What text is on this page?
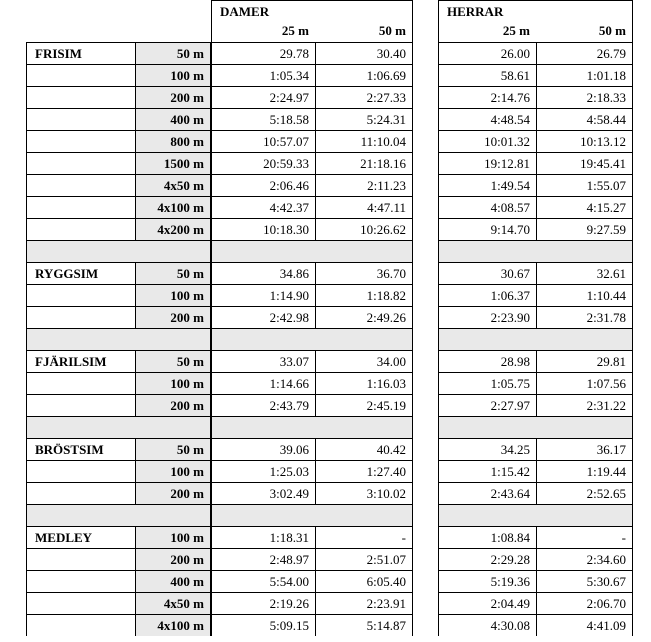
DAMER	HERRAR
25 m	50 m	25 m	50 m
FRISIM	50 m	29.78	30.40	26.00	26.79
100 m	1:05.34	1:06.69	58.61	1:01.18
200 m	2:24.97	2:27.33	2:14.76	2:18.33
400 m	5:18.58	5:24.31	4:48.54	4:58.44
800 m	10:57.07	11:10.04	10:01.32	10:13.12
1500 m	20:59.33	21:18.16	19:12.81	19:45.41
4x50 m	2:06.46	2:11.23	1:49.54	1:55.07
4x100 m	4:42.37	4:47.11	4:08.57	4:15.27
4x200 m	10:18.30	10:26.62	9:14.70	9:27.59
RYGGSIM	50 m	34.86	36.70	30.67	32.61
100 m	1:14.90	1:18.82	1:06.37	1:10.44
200 m	2:42.98	2:49.26	2:23.90	2:31.78
FJÄRILSIM	50 m	33.07	34.00	28.98	29.81
100 m	1:14.66	1:16.03	1:05.75	1:07.56
200 m	2:43.79	2:45.19	2:27.97	2:31.22
BRÖSTSIM	50 m	39.06	40.42	34.25	36.17
100 m	1:25.03	1:27.40	1:15.42	1:19.44
200 m	3:02.49	3:10.02	2:43.64	2:52.65
MEDLEY	100 m	1:18.31	-	1:08.84	-
200 m	2:48.97	2:51.07	2:29.28	2:34.60
400 m	5:54.00	6:05.40	5:19.36	5:30.67
4x50 m	2:19.26	2:23.91	2:04.49	2:06.70
4x100 m	5:09.15	5:14.87	4:30.08	4:41.09
